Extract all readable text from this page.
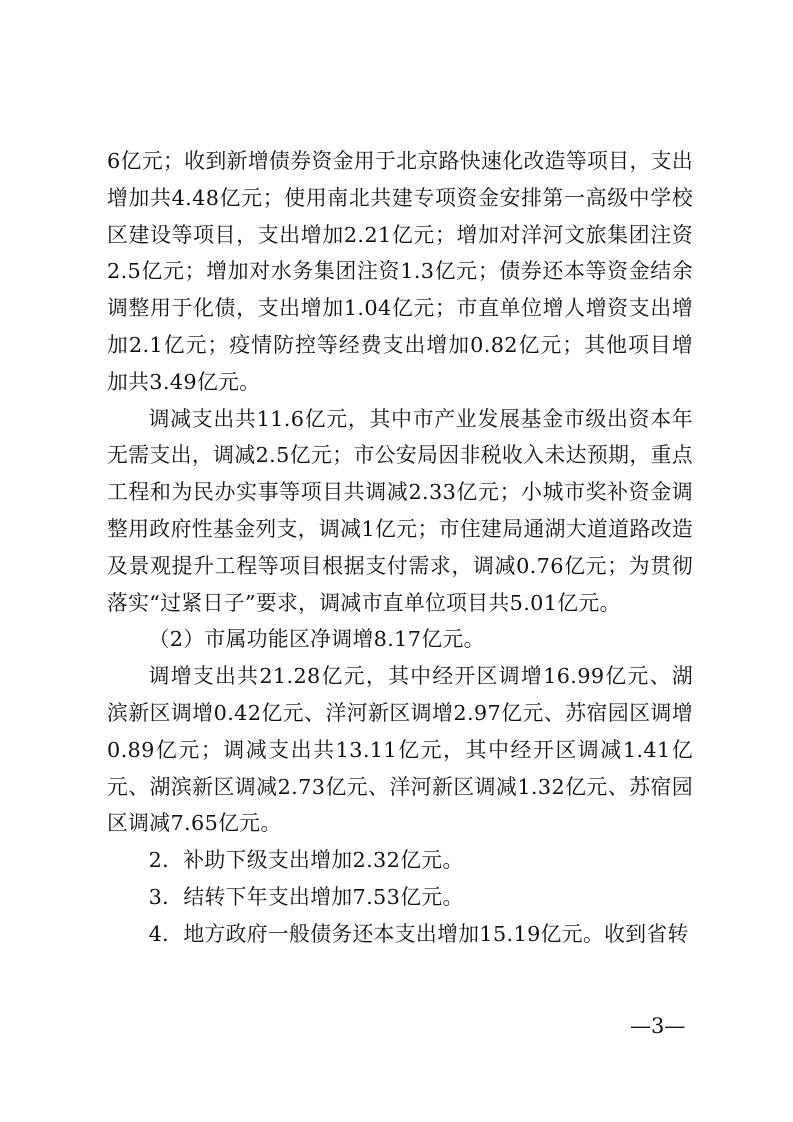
6亿元；收到新增债券资金用于北京路快速化改造等项目，支出增加共4.48亿元；使用南北共建专项资金安排第一高级中学校区建设等项目，支出增加2.21亿元；增加对洋河文旅集团注资2.5亿元；增加对水务集团注资1.3亿元；债券还本等资金结余调整用于化债，支出增加1.04亿元；市直单位增人增资支出增加2.1亿元；疫情防控等经费支出增加0.82亿元；其他项目增加共3.49亿元。

调减支出共11.6亿元，其中市产业发展基金市级出资本年无需支出，调减2.5亿元；市公安局因非税收入未达预期，重点工程和为民办实事等项目共调减2.33亿元；小城市奖补资金调整用政府性基金列支，调减1亿元；市住建局通湖大道道路改造及景观提升工程等项目根据支付需求，调减0.76亿元；为贯彻落实“过紧日子”要求，调减市直单位项目共5.01亿元。

（2）市属功能区净调增8.17亿元。

调增支出共21.28亿元，其中经开区调增16.99亿元、湖滨新区调增0.42亿元、洋河新区调增2.97亿元、苏宿园区调增0.89亿元；调减支出共13.11亿元，其中经开区调减1.41亿元、湖滨新区调减2.73亿元、洋河新区调减1.32亿元、苏宿园区调减7.65亿元。

2．补助下级支出增加2.32亿元。

3．结转下年支出增加7.53亿元。

4．地方政府一般债务还本支出增加15.19亿元。收到省转

—3—
